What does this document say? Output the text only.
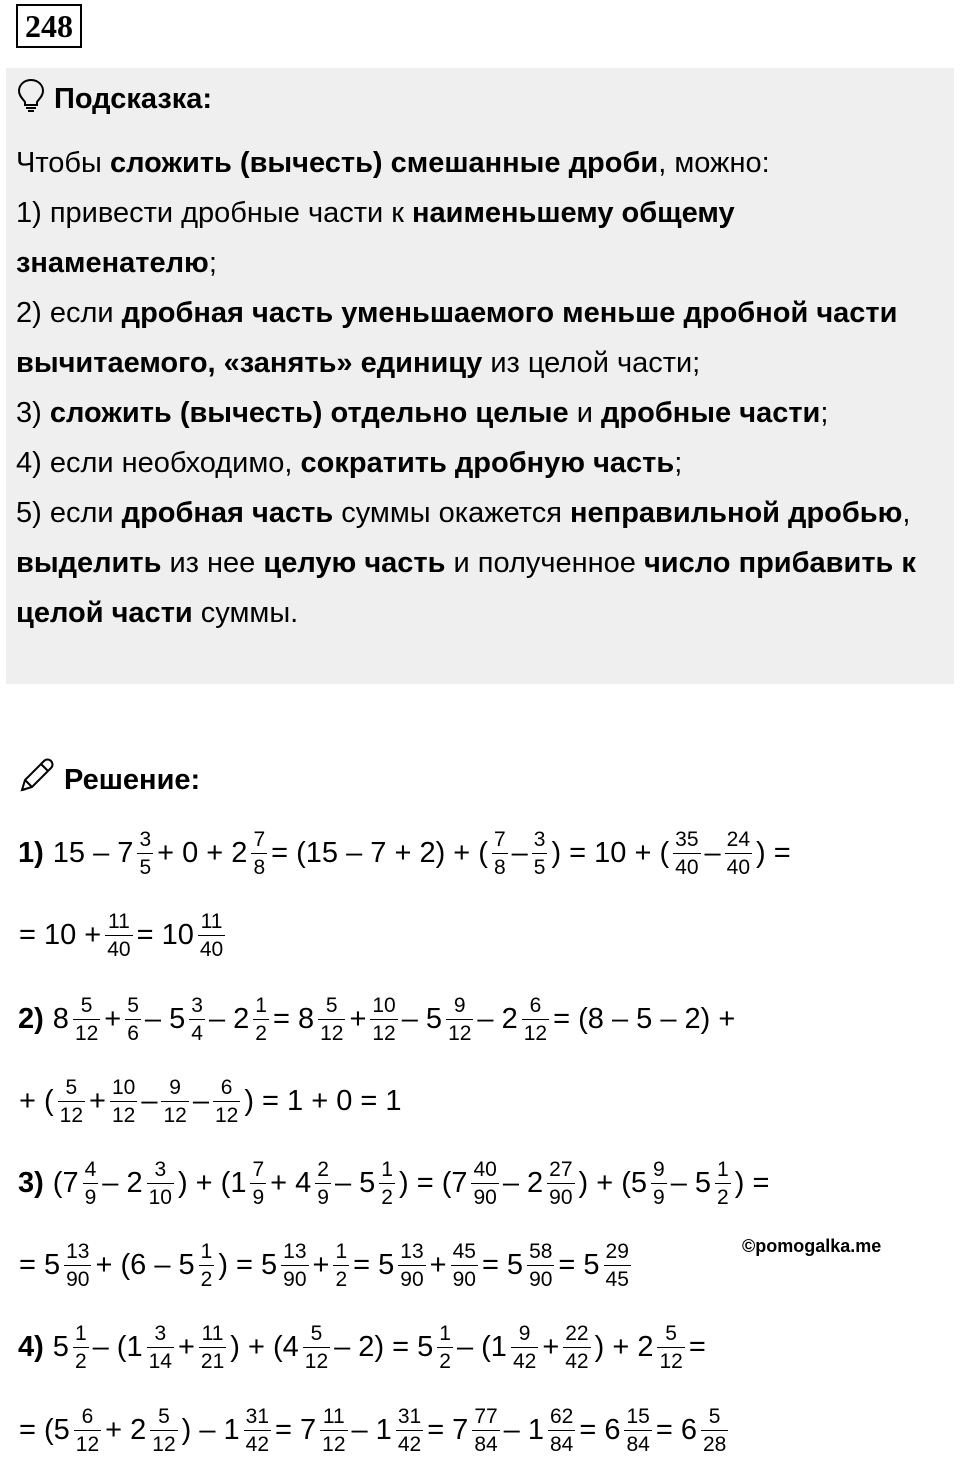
248
Подсказка:

Чтобы сложить (вычесть) смешанные дроби, можно:

1) привести дробные части к наименьшему общему знаменателю;

2) если дробная часть уменьшаемого меньше дробной части вычитаемого, «занять» единицу из целой части;

3) сложить (вычесть) отдельно целые и дробные части;

4) если необходимо, сократить дробную часть;

5) если дробная часть суммы окажется неправильной дробью, выделить из нее целую часть и полученное число прибавить к целой части суммы.

Решение:
1) $15 - 7 \frac{3}{5} + 0 + 2 \frac{7}{8} = (15 - 7 + 2)$ + ( $\frac{7}{8} - \frac{3}{5}$ ) = 10 + ( $\frac{35}{40} - \frac{24}{40}$ ) =
= $10 + \frac{11}{40} = 10 \frac{11}{40}$
2) $8 \frac{5}{12} + \frac{5}{6} - 5 \frac{3}{4} - 2 \frac{1}{2} = 8 \frac{5}{12} + \frac{10}{12} - 5 \frac{9}{12} - 2 \frac{6}{12} = (8 - 5 - 2)$ +
+ ( $\frac{5}{12} + \frac{10}{12} - \frac{9}{12} - \frac{6}{12}$ ) = 1 + 0 = 1
3) ($7 \frac{4}{9} - 2 \frac{3}{10}$ ) + ($1 \frac{7}{9} + 4 \frac{2}{9} - 5 \frac{1}{2}$ ) = ($7 \frac{40}{90} - 2 \frac{27}{90}$ ) + ($5 \frac{9}{9} - 5 \frac{1}{2}$ ) =
= $5 \frac{13}{90} + (6 - 5 \frac{1}{2}$ ) = $5 \frac{13}{90} + \frac{1}{2} = 5 \frac{13}{90} + \frac{45}{90} = 5 \frac{58}{90} = 5 \frac{29}{45}$
4) $5 \frac{1}{2} - (1 \frac{3}{14} + \frac{11}{21}$ ) + $(4 \frac{5}{12} - 2) = 5 \frac{1}{2} - (1 \frac{9}{42} + \frac{22}{42}$ ) + $2 \frac{5}{12}$ =
= ($5 \frac{6}{12} + 2 \frac{5}{12}$ ) – $1 \frac{31}{42} = 7 \frac{11}{12} - 1 \frac{31}{42} = 7 \frac{77}{84} - 1 \frac{62}{84} = 6 \frac{15}{84} = 6 \frac{5}{28}$
©pomogalka.me
